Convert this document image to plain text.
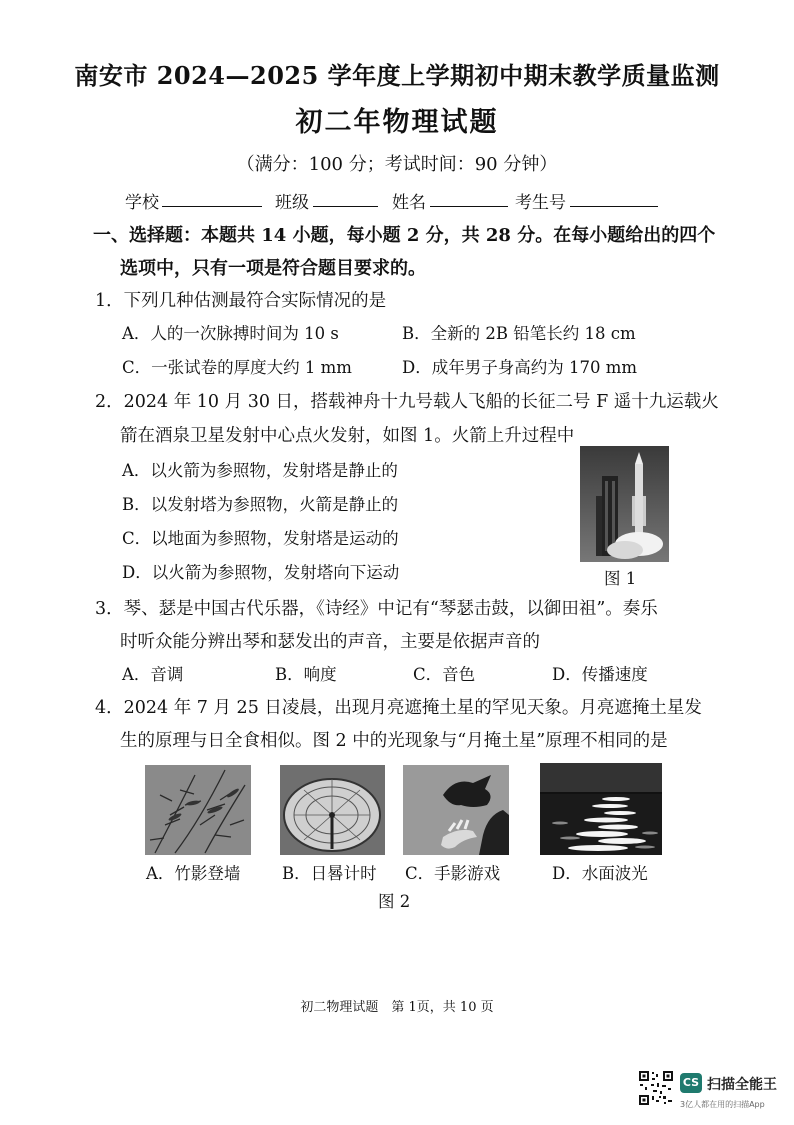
南安市 2024—2025 学年度上学期初中期末教学质量监测
初二年物理试题
（满分：100 分；考试时间：90 分钟）
学校	班级	姓名	考生号
一、选择题：本题共 14 小题，每小题 2 分，共 28 分。在每小题给出的四个
选项中，只有一项是符合题目要求的。
1．下列几种估测最符合实际情况的是
A．人的一次脉搏时间为 10 s	B．全新的 2B 铅笔长约 18 cm
C．一张试卷的厚度大约 1 mm	D．成年男子身高约为 170 mm
2．2024 年 10 月 30 日，搭载神舟十九号载人飞船的长征二号 F 遥十九运载火
箭在酒泉卫星发射中心点火发射，如图 1。火箭上升过程中
A．以火箭为参照物，发射塔是静止的
B．以发射塔为参照物，火箭是静止的
C．以地面为参照物，发射塔是运动的
D．以火箭为参照物，发射塔向下运动	图 1
3．琴、瑟是中国古代乐器，《诗经》中记有“琴瑟击鼓，以御田祖”。奏乐
时听众能分辨出琴和瑟发出的声音，主要是依据声音的
A．音调	B．响度	C．音色	D．传播速度
4．2024 年 7 月 25 日凌晨，出现月亮遮掩土星的罕见天象。月亮遮掩土星发
生的原理与日全食相似。图 2 中的光现象与“月掩土星”原理不相同的是
A．竹影登墙	B．日晷计时 C．手影游戏	D．水面波光
图 2
初二物理试题　第 1页，共 10 页
CS 扫描全能王
3亿人都在用的扫描App
